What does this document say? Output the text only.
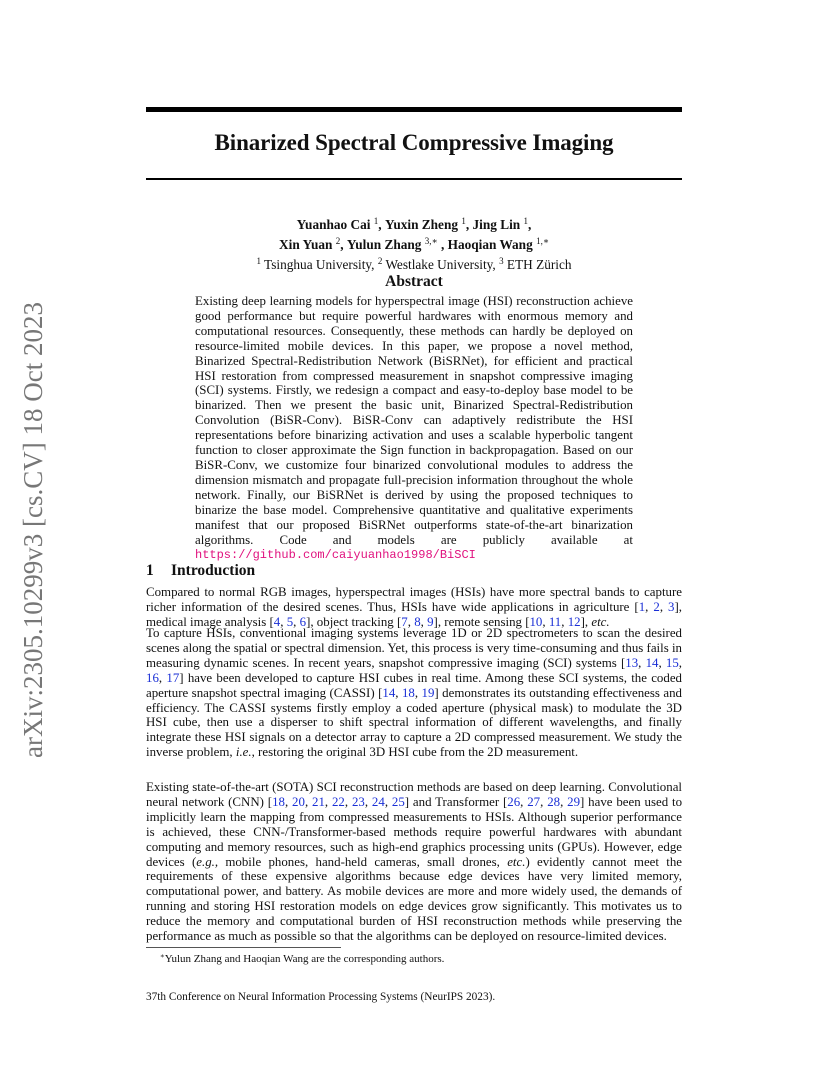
arXiv:2305.10299v3 [cs.CV] 18 Oct 2023
Binarized Spectral Compressive Imaging
Yuanhao Cai $^1$, Yuxin Zheng $^1$, Jing Lin $^1$,
Xin Yuan $^2$, Yulun Zhang $^{3,∗}$ , Haoqian Wang $^{1,∗}$
$^1$ Tsinghua University, $^2$ Westlake University, $^3$ ETH Zürich
Abstract
Existing deep learning models for hyperspectral image (HSI) reconstruction achieve good performance but require powerful hardwares with enormous memory and computational resources. Consequently, these methods can hardly be deployed on resource-limited mobile devices. In this paper, we propose a novel method, Binarized Spectral-Redistribution Network (BiSRNet), for efficient and practical HSI restoration from compressed measurement in snapshot compressive imaging (SCI) systems. Firstly, we redesign a compact and easy-to-deploy base model to be binarized. Then we present the basic unit, Binarized Spectral-Redistribution Convolution (BiSR-Conv). BiSR-Conv can adaptively redistribute the HSI representations before binarizing activation and uses a scalable hyperbolic tangent function to closer approximate the Sign function in backpropagation. Based on our BiSR-Conv, we customize four binarized convolutional modules to address the dimension mismatch and propagate full-precision information throughout the whole network. Finally, our BiSRNet is derived by using the proposed techniques to binarize the base model. Comprehensive quantitative and qualitative experiments manifest that our proposed BiSRNet outperforms state-of-the-art binarization algorithms. Code and models are publicly available at https://github.com/caiyuanhao1998/BiSCI
1 Introduction
Compared to normal RGB images, hyperspectral images (HSIs) have more spectral bands to capture richer information of the desired scenes. Thus, HSIs have wide applications in agriculture [1, 2, 3], medical image analysis [4, 5, 6], object tracking [7, 8, 9], remote sensing [10, 11, 12], etc.
To capture HSIs, conventional imaging systems leverage 1D or 2D spectrometers to scan the desired scenes along the spatial or spectral dimension. Yet, this process is very time-consuming and thus fails in measuring dynamic scenes. In recent years, snapshot compressive imaging (SCI) systems [13, 14, 15, 16, 17] have been developed to capture HSI cubes in real time. Among these SCI systems, the coded aperture snapshot spectral imaging (CASSI) [14, 18, 19] demonstrates its outstanding effectiveness and efficiency. The CASSI systems firstly employ a coded aperture (physical mask) to modulate the 3D HSI cube, then use a disperser to shift spectral information of different wavelengths, and finally integrate these HSI signals on a detector array to capture a 2D compressed measurement. We study the inverse problem, i.e., restoring the original 3D HSI cube from the 2D measurement.
Existing state-of-the-art (SOTA) SCI reconstruction methods are based on deep learning. Convolutional neural network (CNN) [18, 20, 21, 22, 23, 24, 25] and Transformer [26, 27, 28, 29] have been used to implicitly learn the mapping from compressed measurements to HSIs. Although superior performance is achieved, these CNN-/Transformer-based methods require powerful hardwares with abundant computing and memory resources, such as high-end graphics processing units (GPUs). However, edge devices (e.g., mobile phones, hand-held cameras, small drones, etc.) evidently cannot meet the requirements of these expensive algorithms because edge devices have very limited memory, computational power, and battery. As mobile devices are more and more widely used, the demands of running and storing HSI restoration models on edge devices grow significantly. This motivates us to reduce the memory and computational burden of HSI reconstruction methods while preserving the performance as much as possible so that the algorithms can be deployed on resource-limited devices.
∗Yulun Zhang and Haoqian Wang are the corresponding authors.
37th Conference on Neural Information Processing Systems (NeurIPS 2023).
